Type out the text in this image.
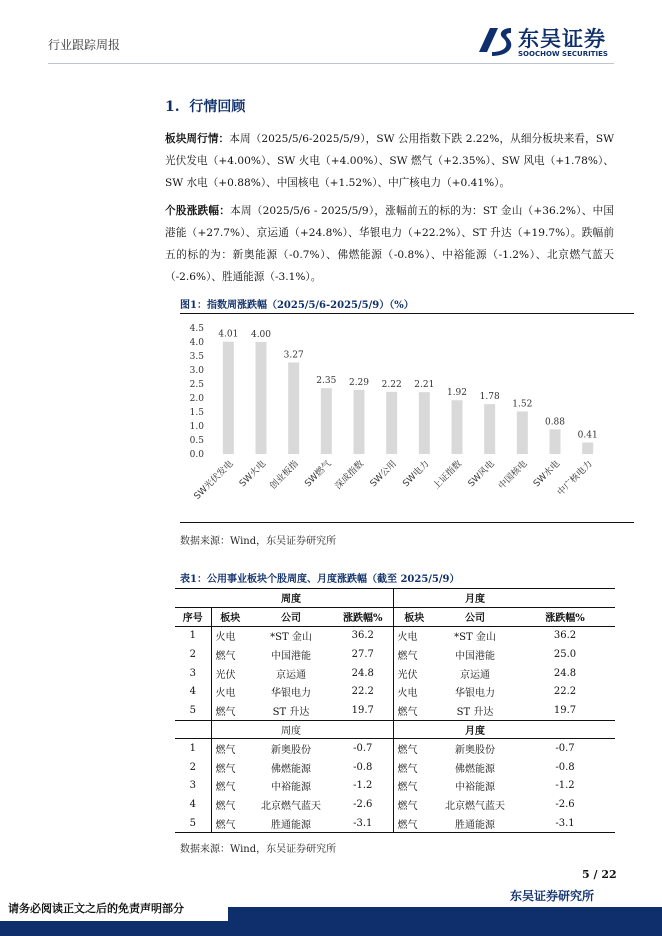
行业跟踪周报	东吴证券
SOOCHOW SECURITIES
1.  行情回顾
板块周行情：本周（2025/5/6-2025/5/9），SW 公用指数下跌 2.22%，从细分板块来看，SW 光伏发电（+4.00%）、SW 火电（+4.00%）、SW 燃气（+2.35%）、SW 风电（+1.78%）、SW 水电（+0.88%）、中国核电（+1.52%）、中广核电力（+0.41%）。
个股涨跌幅：本周（2025/5/6 - 2025/5/9），涨幅前五的标的为：ST 金山（+36.2%）、中国港能（+27.7%）、京运通（+24.8%）、华银电力（+22.2%）、ST 升达（+19.7%）。跌幅前五的标的为：新奥能源（-0.7%）、佛燃能源（-0.8%）、中裕能源（-1.2%）、北京燃气蓝天（-2.6%）、胜通能源（-3.1%）。
图1：指数周涨跌幅（2025/5/6-2025/5/9）（%）
0.0
0.5
1.0
1.5
2.0
2.5
3.0
3.5
4.0
4.5
4.01 4.00
3.27
2.35 2.29 2.22 2.21
1.92 1.78
1.52
0.88
0.41
SW光伏发电 SW火电 创业板指 SW燃气 深成指数 SW公用 SW电力 上证指数 SW风电 中国核电 SW水电
中广核电力
数据来源：Wind，东吴证券研究所
表1：公用事业板块个股周度、月度涨跌幅（截至 2025/5/9）
		周度			月度	
序号	板块	公司	涨跌幅%	板块	公司	涨跌幅%
1	火电	*ST 金山	36.2	火电	*ST 金山	36.2
2	燃气	中国港能	27.7	燃气	中国港能	25.0
3	光伏	京运通	24.8	光伏	京运通	24.8
4	火电	华银电力	22.2	火电	华银电力	22.2
5	燃气	ST 升达	19.7	燃气	ST 升达	19.7
		周度			月度	
1	燃气	新奥股份	-0.7	燃气	新奥股份	-0.7
2	燃气	佛燃能源	-0.8	燃气	佛燃能源	-0.8
3	燃气	中裕能源	-1.2	燃气	中裕能源	-1.2
4	燃气	北京燃气蓝天	-2.6	燃气	北京燃气蓝天	-2.6
5	燃气	胜通能源	-3.1	燃气	胜通能源	-3.1
数据来源：Wind，东吴证券研究所
5 / 22
请务必阅读正文之后的免责声明部分
东吴证券研究所
